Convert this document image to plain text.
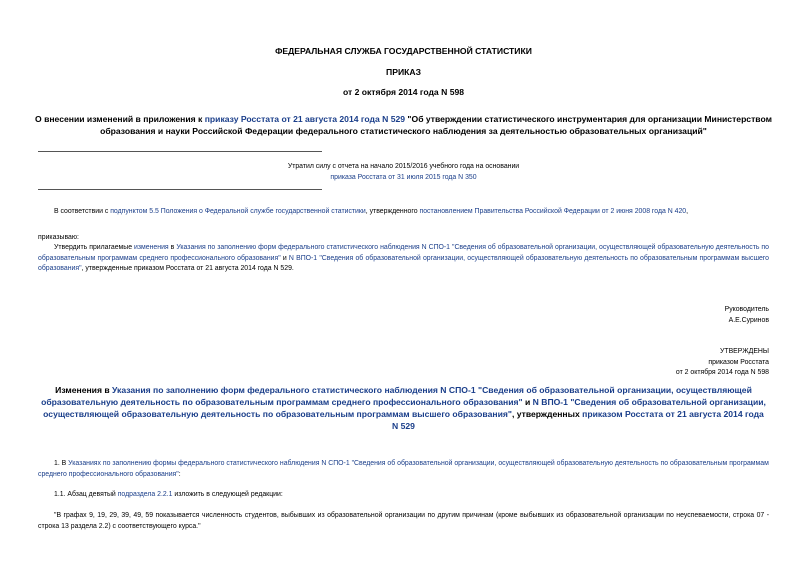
ФЕДЕРАЛЬНАЯ СЛУЖБА ГОСУДАРСТВЕННОЙ СТАТИСТИКИ
ПРИКАЗ
от 2 октября 2014 года N 598
О внесении изменений в приложения к приказу Росстата от 21 августа 2014 года N 529 "Об утверждении статистического инструментария для организации Министерством образования и науки Российской Федерации федерального статистического наблюдения за деятельностью образовательных организаций"
Утратил силу с отчета на начало 2015/2016 учебного года на основании
приказа Росстата от 31 июля 2015 года N 350
В соответствии с подпунктом 5.5 Положения о Федеральной службе государственной статистики, утвержденного постановлением Правительства Российской Федерации от 2 июня 2008 года N 420,
приказываю:
Утвердить прилагаемые изменения в Указания по заполнению форм федерального статистического наблюдения N СПО-1 "Сведения об образовательной организации, осуществляющей образовательную деятельность по образовательным программам среднего профессионального образования" и N ВПО-1 "Сведения об образовательной организации, осуществляющей образовательную деятельность по образовательным программам высшего образования", утвержденные приказом Росстата от 21 августа 2014 года N 529.
Руководитель
А.Е.Суринов
УТВЕРЖДЕНЫ
приказом Росстата
от 2 октября 2014 года N 598
Изменения в Указания по заполнению форм федерального статистического наблюдения N СПО-1 "Сведения об образовательной организации, осуществляющей образовательную деятельность по образовательным программам среднего профессионального образования" и N ВПО-1 "Сведения об образовательной организации, осуществляющей образовательную деятельность по образовательным программам высшего образования", утвержденных приказом Росстата от 21 августа 2014 года N 529
1. В Указаниях по заполнению формы федерального статистического наблюдения N СПО-1 "Сведения об образовательной организации, осуществляющей образовательную деятельность по образовательным программам среднего профессионального образования":
1.1. Абзац девятый подраздела 2.2.1 изложить в следующей редакции:
"В графах 9, 19, 29, 39, 49, 59 показывается численность студентов, выбывших из образовательной организации по другим причинам (кроме выбывших из образовательной организации по неуспеваемости, строка 07 - строка 13 раздела 2.2) с соответствующего курса."
